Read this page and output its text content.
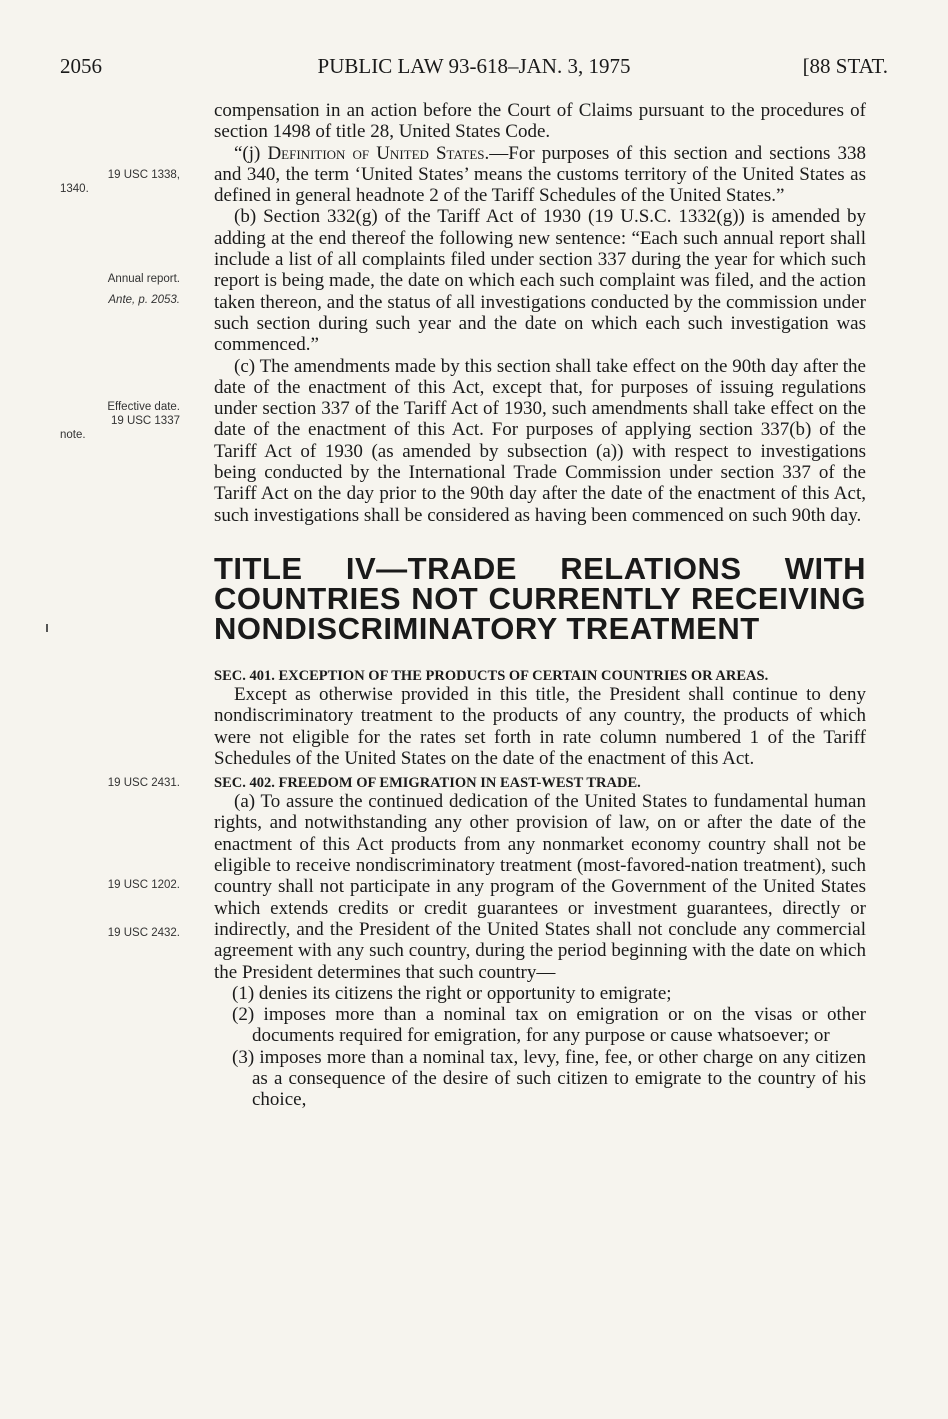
2056	PUBLIC LAW 93-618–JAN. 3, 1975	[88 STAT.
19 USC 1338,
1340.
Annual report.
Ante, p. 2053.
Effective date.
19 USC 1337
note.
19 USC 2431.
19 USC 1202.
19 USC 2432.

compensation in an action before the Court of Claims pursuant to the procedures of section 1498 of title 28, United States Code.

“(j) Definition of United States.—For purposes of this section and sections 338 and 340, the term ‘United States’ means the customs territory of the United States as defined in general headnote 2 of the Tariff Schedules of the United States.”

(b) Section 332(g) of the Tariff Act of 1930 (19 U.S.C. 1332(g)) is amended by adding at the end thereof the following new sentence: “Each such annual report shall include a list of all complaints filed under section 337 during the year for which such report is being made, the date on which each such complaint was filed, and the action taken thereon, and the status of all investigations conducted by the commission under such section during such year and the date on which each such investigation was commenced.”

(c) The amendments made by this section shall take effect on the 90th day after the date of the enactment of this Act, except that, for purposes of issuing regulations under section 337 of the Tariff Act of 1930, such amendments shall take effect on the date of the enactment of this Act. For purposes of applying section 337(b) of the Tariff Act of 1930 (as amended by subsection (a)) with respect to investigations being conducted by the International Trade Commission under section 337 of the Tariff Act on the day prior to the 90th day after the date of the enactment of this Act, such investigations shall be considered as having been commenced on such 90th day.

TITLE IV—TRADE RELATIONS WITH COUNTRIES NOT CURRENTLY RECEIVING NONDISCRIMINATORY TREATMENT

SEC. 401. EXCEPTION OF THE PRODUCTS OF CERTAIN COUNTRIES OR AREAS.

Except as otherwise provided in this title, the President shall continue to deny nondiscriminatory treatment to the products of any country, the products of which were not eligible for the rates set forth in rate column numbered 1 of the Tariff Schedules of the United States on the date of the enactment of this Act.

SEC. 402. FREEDOM OF EMIGRATION IN EAST-WEST TRADE.

(a) To assure the continued dedication of the United States to fundamental human rights, and notwithstanding any other provision of law, on or after the date of the enactment of this Act products from any nonmarket economy country shall not be eligible to receive nondiscriminatory treatment (most-favored-nation treatment), such country shall not participate in any program of the Government of the United States which extends credits or credit guarantees or investment guarantees, directly or indirectly, and the President of the United States shall not conclude any commercial agreement with any such country, during the period beginning with the date on which the President determines that such country—

(1) denies its citizens the right or opportunity to emigrate;

(2) imposes more than a nominal tax on emigration or on the visas or other documents required for emigration, for any purpose or cause whatsoever; or

(3) imposes more than a nominal tax, levy, fine, fee, or other charge on any citizen as a consequence of the desire of such citizen to emigrate to the country of his choice,
